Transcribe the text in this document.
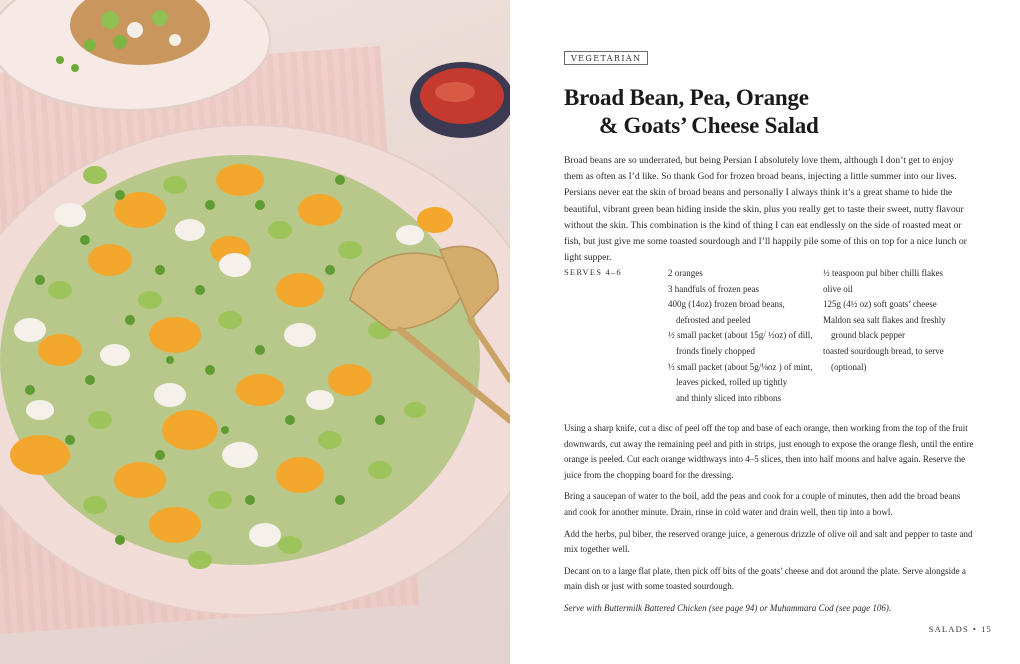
VEGETARIAN
Broad Bean, Pea, Orange
& Goats’ Cheese Salad
Broad beans are so underrated, but being Persian I absolutely love them, although I don’t get to enjoy them as often as I’d like. So thank God for frozen broad beans, injecting a little summer into our lives. Persians never eat the skin of broad beans and personally I always think it’s a great shame to hide the beautiful, vibrant green bean hiding inside the skin, plus you really get to taste their sweet, nutty flavour without the skin. This combination is the kind of thing I can eat endlessly on the side of roasted meat or fish, but just give me some toasted sourdough and I’ll happily pile some of this on top for a nice lunch or light supper.
SERVES 4–6	2 oranges
3 handfuls of frozen peas
400g (14oz) frozen broad beans,
defrosted and peeled
½ small packet (about 15g/ ½oz) of dill,
fronds finely chopped
⅓ small packet (about 5g/⅛oz ) of mint,
leaves picked, rolled up tightly
and thinly sliced into ribbons
½ teaspoon pul biber chilli flakes
olive oil
125g (4½ oz) soft goats’ cheese
Maldon sea salt flakes and freshly
ground black pepper
toasted sourdough bread, to serve
(optional)

Using a sharp knife, cut a disc of peel off the top and base of each orange, then working from the top of the fruit downwards, cut away the remaining peel and pith in strips, just enough to expose the orange flesh, until the entire orange is peeled. Cut each orange widthways into 4–5 slices, then into half moons and halve again. Reserve the juice from the chopping board for the dressing.

Bring a saucepan of water to the boil, add the peas and cook for a couple of minutes, then add the broad beans and cook for another minute. Drain, rinse in cold water and drain well, then tip into a bowl.

Add the herbs, pul biber, the reserved orange juice, a generous drizzle of olive oil and salt and pepper to taste and mix together well.

Decant on to a large flat plate, then pick off bits of the goats’ cheese and dot around the plate. Serve alongside a main dish or just with some toasted sourdough.

Serve with Buttermilk Battered Chicken (see page 94) or Muhammara Cod (see page 106).

SALADS • 15
